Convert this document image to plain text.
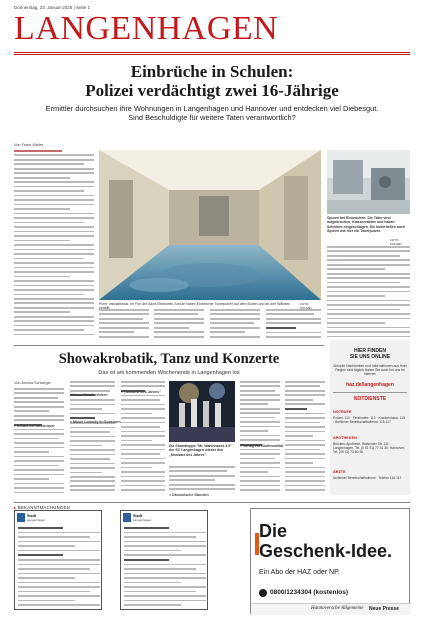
Donnerstag, 23. Januar 2025 | Seite 1
LANGENHAGEN
Einbrüche in Schulen:
Polizei verdächtigt zwei 16-Jährige
Ermittler durchsuchen ihre Wohnungen in Langenhagen und Hannover und entdecken viel Diebesgut.
Sind Beschuldigte für weitere Taten verantwortlich?
Von Frank Walter
Purer Vandalismus: Im Flur der Adolf-Reichwein-Schule haben Einbrecher Tonerpulver auf dem Boden und an den Wänden	FOTO:
Spuren bei Einbrüchen: Die Täter sind aufgebrochen, Klassenräume und haben Scheiben eingeschlagen. Sie hinterließen auch Spuren wie hier ein Tonerpulver.
FOTO: POLIZEI
Showakrobatik, Tanz und Konzerte
Das ist am kommenden Wochenende in Langenhagen los
Von Annika Schwegel
Die Showtruppe "Mr. Walshnacks 4.0" der SC Langenhagen wieder den „Showact des Jahres".
» Kinder bei Kinderoper
» Innen Musik erleben
» Music Comedy in Godshorn
» „Slowest des Jahres"
» Vorlag zur Bluttmiralität
» Dämonische Stunden
HIER FINDEN
SIE UNS ONLINE
Aktuelle Nachrichten und Informationen aus Ihrer Region sind täglich finden Sie auch bei uns im Internet:
haz.de/langenhagen
NOTDIENSTE
NOTRUFE
Polizei: 110 · Feuerwehr: 112 · Krankenhaus: 115 · Ärztlicher Bereitschaftsdienst: 116 117
APOTHEKEN
Brücken-Apotheke, Walsroder Str. 111, Langenhagen, Tel. (0 51 91) 77 31 30; Hannover, Tel. (05 11) 73 60 36
ÄRZTE
Ärztlicher Bereitschaftsdienst · Telefon 116 117
▸ BEKANNTMACHUNGEN
Stadt
Langenhagen
Stadt
Langenhagen
Die
Geschenk-Idee.
Ein Abo der HAZ oder NP.
0800/1234304 (kostenlos)
Hannoversche Allgemeine Neue Presse
